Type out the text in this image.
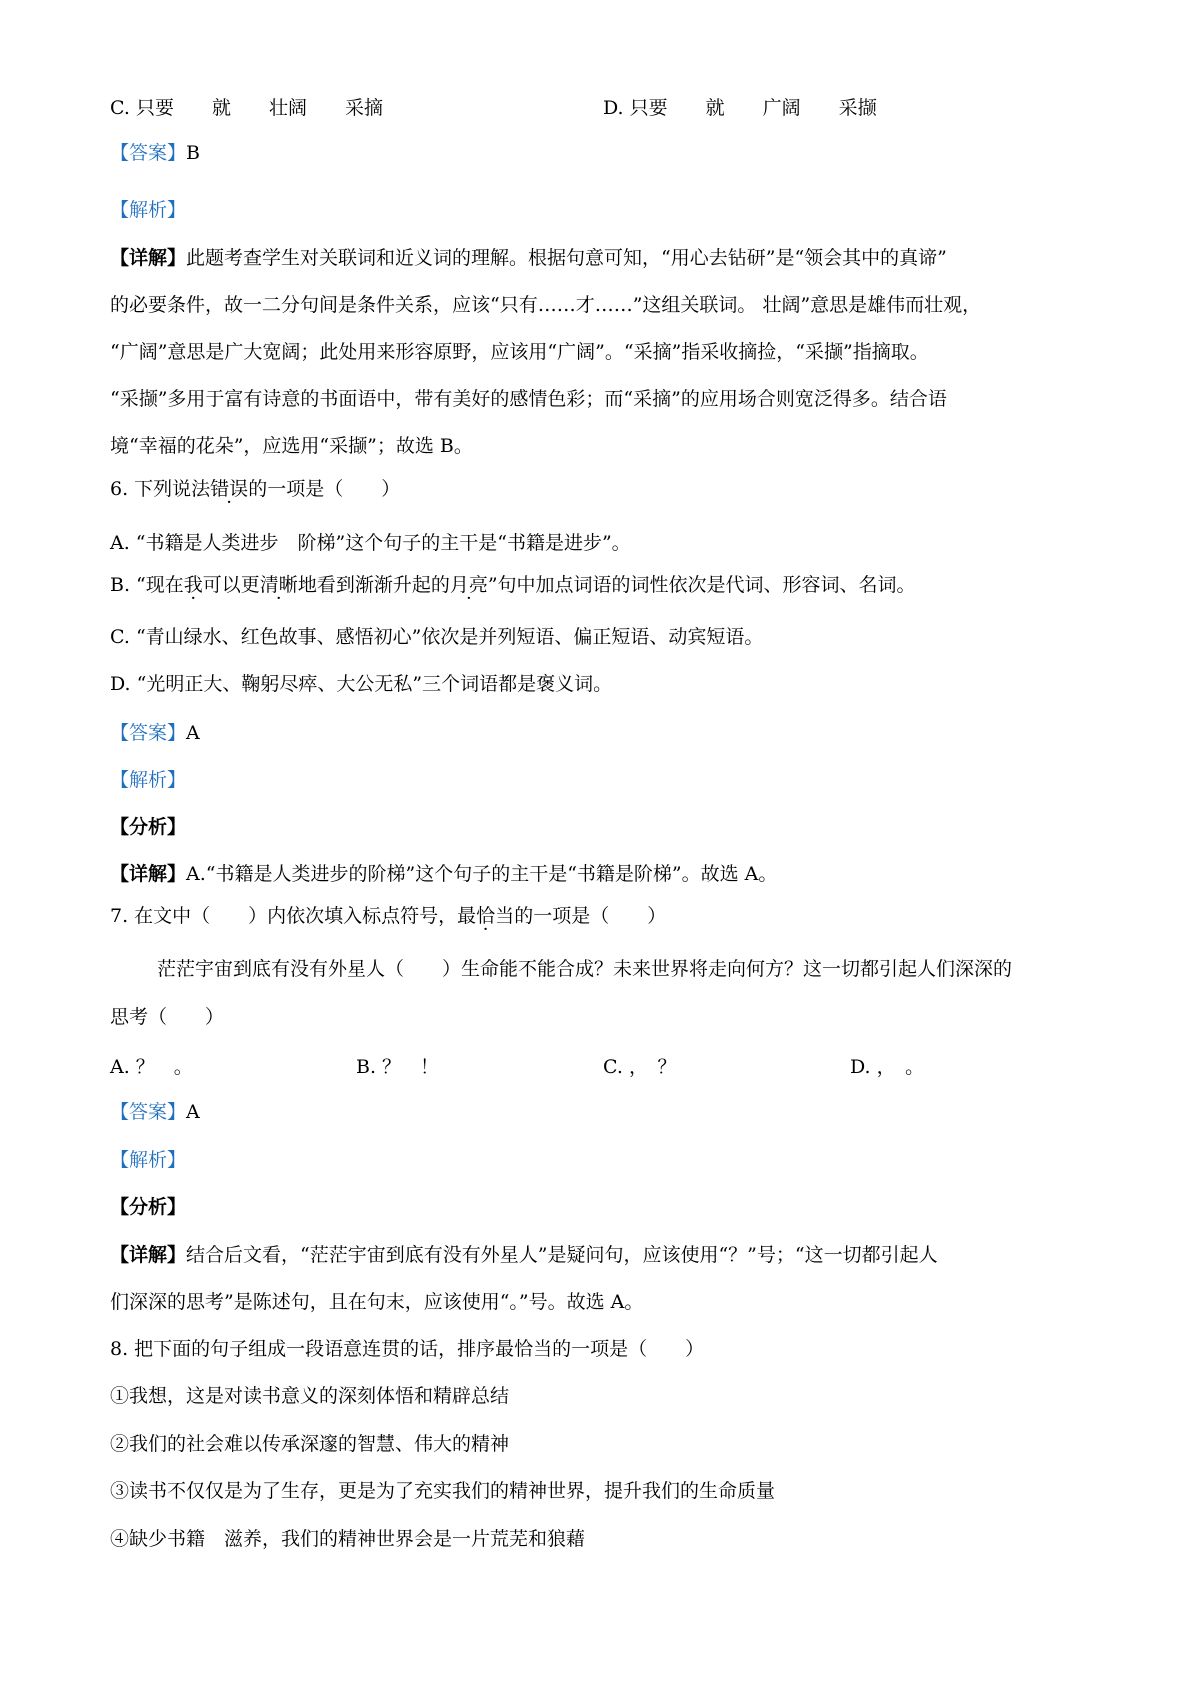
C. 只要　　就　　壮阔　　采摘	D. 只要　　就　　广阔　　采撷
【答案】B
【解析】
【详解】此题考查学生对关联词和近义词的理解。根据句意可知，“用心去钻研”是“领会其中的真谛”
的必要条件，故一二分句间是条件关系，应该“只有……才……”这组关联词。 壮阔”意思是雄伟而壮观，
“广阔”意思是广大宽阔；此处用来形容原野，应该用“广阔”。“采摘”指采收摘捡，“采撷”指摘取。
“采撷”多用于富有诗意的书面语中，带有美好的感情色彩；而“采摘”的应用场合则宽泛得多。结合语
境“幸福的花朵”，应选用“采撷”；故选 B。
6. 下列说法错误的一项是（　　）
A. “书籍是人类进步　阶梯”这个句子的主干是“书籍是进步”。
B. “现在我可以更清晰地看到渐渐升起的月亮”句中加点词语的词性依次是代词、形容词、名词。
C. “青山绿水、红色故事、感悟初心”依次是并列短语、偏正短语、动宾短语。
D. “光明正大、鞠躬尽瘁、大公无私”三个词语都是褒义词。
【答案】A
【解析】
【分析】
【详解】A.“书籍是人类进步的阶梯”这个句子的主干是“书籍是阶梯”。故选 A。
7. 在文中（　　）内依次填入标点符号，最恰当的一项是（　　）
茫茫宇宙到底有没有外星人（　　）生命能不能合成？未来世界将走向何方？这一切都引起人们深深的
思考（　　）
A. ？　。	B. ？　！	C. ，　？	D. ，　。
【答案】A
【解析】
【分析】
【详解】结合后文看，“茫茫宇宙到底有没有外星人”是疑问句，应该使用“？”号；“这一切都引起人
们深深的思考”是陈述句，且在句末，应该使用“。”号。故选 A。
8. 把下面的句子组成一段语意连贯的话，排序最恰当的一项是（　　）
①我想，这是对读书意义的深刻体悟和精辟总结
②我们的社会难以传承深邃的智慧、伟大的精神
③读书不仅仅是为了生存，更是为了充实我们的精神世界，提升我们的生命质量
④缺少书籍　滋养，我们的精神世界会是一片荒芜和狼藉
